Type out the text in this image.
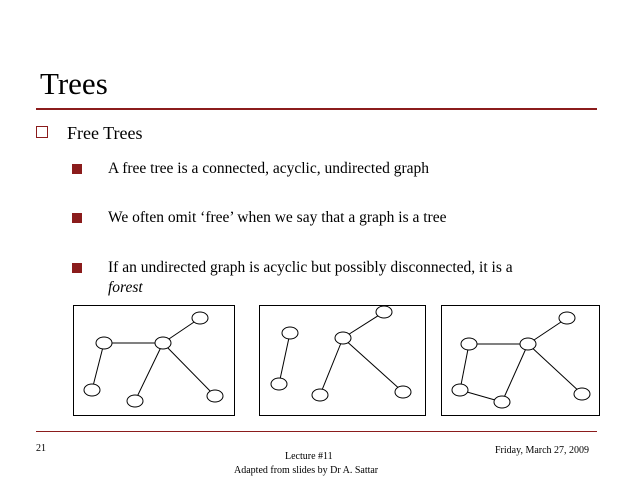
Trees
Free Trees
A free tree is a connected, acyclic, undirected graph
We often omit ‘free’ when we say that a graph is a tree
If an undirected graph is acyclic but possibly disconnected, it is a
forest
21	Friday, March 27, 2009
Lecture #11
Adapted from slides by Dr A. Sattar
